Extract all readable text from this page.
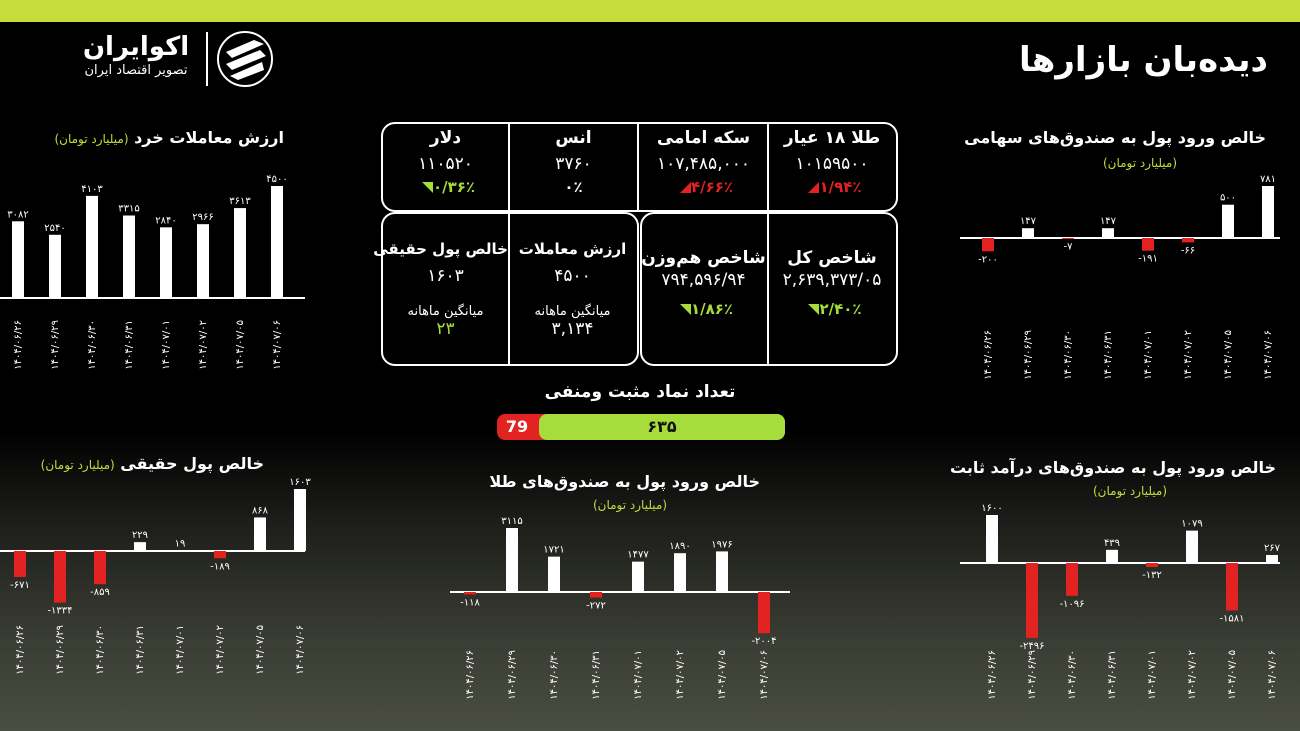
دیده‌بان بازارها
اکوایران
تصویر اقتصاد ایران
ارزش معاملات خرد (میلیارد تومان)
۳۰۸۲
۱۴۰۴/۰۶/۲۶
۲۵۴۰
۱۴۰۴/۰۶/۲۹
۴۱۰۳
۱۴۰۴/۰۶/۳۰
۳۳۱۵
۱۴۰۴/۰۶/۳۱
۲۸۴۰
۱۴۰۴/۰۷/۰۱
۲۹۶۶
۱۴۰۴/۰۷/۰۲
۳۶۱۳
۱۴۰۴/۰۷/۰۵
۴۵۰۰
۱۴۰۴/۰۷/۰۶
خالص ورود پول به صندوق‌های سهامی
(میلیارد تومان)
-۲۰۰
۱۴۰۴/۰۶/۲۶
۱۴۷
۱۴۰۴/۰۶/۲۹
-۷
۱۴۰۴/۰۶/۳۰
۱۴۷
۱۴۰۴/۰۶/۳۱
-۱۹۱
۱۴۰۴/۰۷/۰۱
-۶۶
۱۴۰۴/۰۷/۰۲
۵۰۰
۱۴۰۴/۰۷/۰۵
۷۸۱
۱۴۰۴/۰۷/۰۶
خالص پول حقیقی (میلیارد تومان)
-۶۷۱
۱۴۰۴/۰۶/۲۶
-۱۳۳۴
۱۴۰۴/۰۶/۲۹
-۸۵۹
۱۴۰۴/۰۶/۳۰
۲۲۹
۱۴۰۴/۰۶/۳۱
۱۹
۱۴۰۴/۰۷/۰۱
-۱۸۹
۱۴۰۴/۰۷/۰۲
۸۶۸
۱۴۰۴/۰۷/۰۵
۱۶۰۳
۱۴۰۴/۰۷/۰۶
خالص ورود پول به صندوق‌های طلا
(میلیارد تومان)
-۱۱۸
۱۴۰۴/۰۶/۲۶
۳۱۱۵
۱۴۰۴/۰۶/۲۹
۱۷۲۱
۱۴۰۴/۰۶/۳۰
-۲۷۲
۱۴۰۴/۰۶/۳۱
۱۴۷۷
۱۴۰۴/۰۷/۰۱
۱۸۹۰
۱۴۰۴/۰۷/۰۲
۱۹۷۶
۱۴۰۴/۰۷/۰۵
-۲۰۰۴
۱۴۰۴/۰۷/۰۶
خالص ورود پول به صندوق‌های درآمد ثابت
(میلیارد تومان)
۱۶۰۰
۱۴۰۴/۰۶/۲۶
-۲۴۹۶
۱۴۰۴/۰۶/۲۹
-۱۰۹۶
۱۴۰۴/۰۶/۳۰
۴۳۹
۱۴۰۴/۰۶/۳۱
-۱۳۲
۱۴۰۴/۰۷/۰۱
۱۰۷۹
۱۴۰۴/۰۷/۰۲
-۱۵۸۱
۱۴۰۴/۰۷/۰۵
۲۶۷
۱۴۰۴/۰۷/۰۶
طلا ۱۸ عیار
۱۰۱۵۹۵۰۰
۱/۹۴٪
سکه امامی
۱۰۷,۴۸۵,۰۰۰
۴/۶۶٪
انس
۳۷۶۰
۰٪
دلار
۱۱۰۵۲۰
۰/۳۶٪
شاخص کل
۲,۶۳۹,۳۷۳/۰۵
۲/۴۰٪
شاخص هم‌وزن
۷۹۴,۵۹۶/۹۴
۱/۸۶٪
ارزش معاملات
۴۵۰۰
میانگین ماهانه
۳,۱۳۴
خالص پول حقیقی
۱۶۰۳
میانگین ماهانه
۲۳
تعداد نماد مثبت ومنفی
79	۶۳۵
